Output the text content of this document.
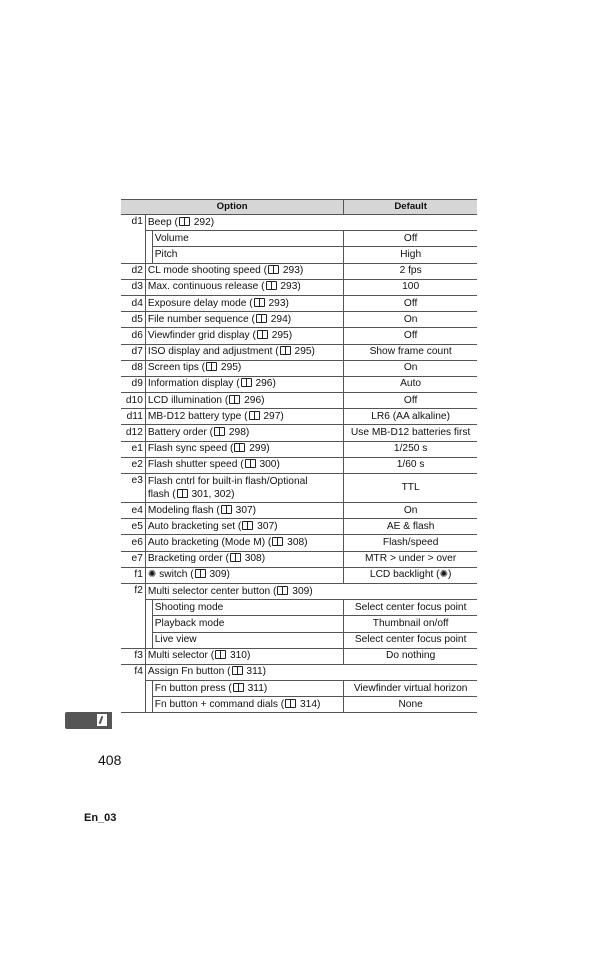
Option			Default
d1	Beep ( 292)		
		Volume	Off
		Pitch	High
d2	CL mode shooting speed ( 293)		2 fps
d3	Max. continuous release ( 293)		100
d4	Exposure delay mode ( 293)		Off
d5	File number sequence ( 294)		On
d6	Viewfinder grid display ( 295)		Off
d7	ISO display and adjustment ( 295)		Show frame count
d8	Screen tips ( 295)		On
d9	Information display ( 296)		Auto
d10	LCD illumination ( 296)		Off
d11	MB-D12 battery type ( 297)		LR6 (AA alkaline)
d12	Battery order ( 298)		Use MB-D12 batteries first
e1	Flash sync speed ( 299)		1/250 s
e2	Flash shutter speed ( 300)		1/60 s
e3	Flash cntrl for built-in flash/Optional
flash ( 301, 302)		TTL
e4	Modeling flash ( 307)		On
e5	Auto bracketing set ( 307)		AE & flash
e6	Auto bracketing (Mode M) ( 308)		Flash/speed
e7	Bracketing order ( 308)		MTR > under > over
f1	✺ switch ( 309)		LCD backlight (✺)
f2	Multi selector center button ( 309)		
		Shooting mode	Select center focus point
		Playback mode	Thumbnail on/off
		Live view	Select center focus point
f3	Multi selector ( 310)		Do nothing
f4	Assign Fn button ( 311)		
		Fn button press ( 311)	Viewfinder virtual horizon
		Fn button + command dials ( 314)	None
408
En_03
